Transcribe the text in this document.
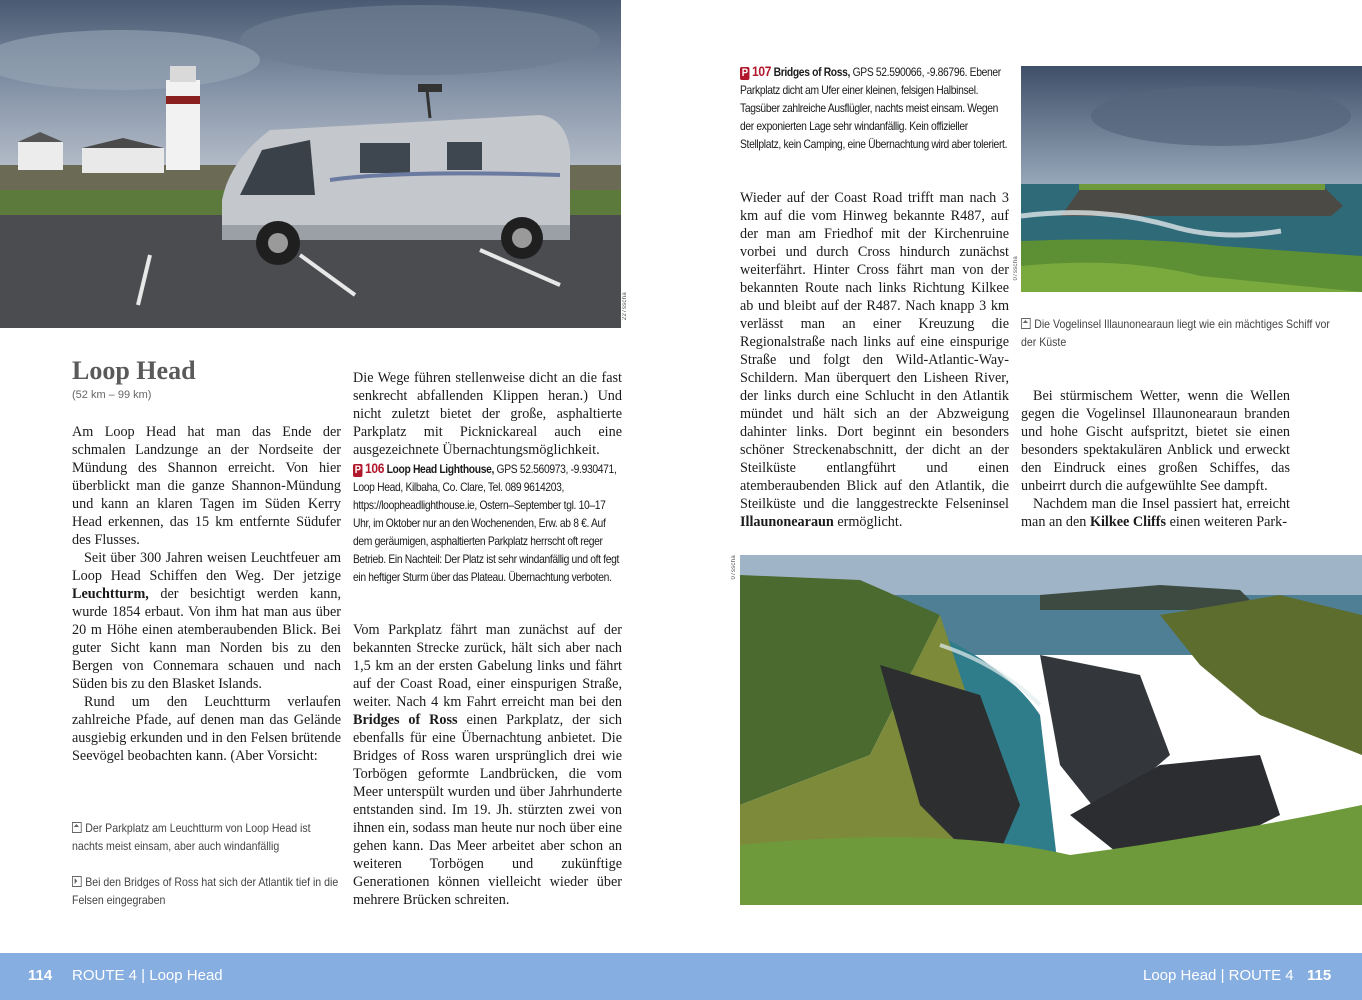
227sscha
Loop Head
(52 km – 99 km)

Am Loop Head hat man das Ende der schmalen Landzunge an der Nordseite der Mündung des Shannon erreicht. Von hier überblickt man die ganze Shannon-Mündung und kann an klaren Tagen im Süden Kerry Head erkennen, das 15 km entfernte Südufer des Flusses.

Seit über 300 Jahren weisen Leuchtfeuer am Loop Head Schiffen den Weg. Der jetzige Leuchtturm, der besichtigt werden kann, wurde 1854 erbaut. Von ihm hat man aus über 20 m Höhe einen atemberaubenden Blick. Bei guter Sicht kann man Norden bis zu den Bergen von Connemara schauen und nach Süden bis zu den Blasket Islands.

Rund um den Leuchtturm verlaufen zahlreiche Pfade, auf denen man das Gelände ausgiebig erkunden und in den Felsen brütende Seevögel beobachten kann. (Aber Vorsicht:

Der Parkplatz am Leuchtturm von Loop Head ist nachts meist einsam, aber auch windanfällig
Bei den Bridges of Ross hat sich der Atlantik tief in die Felsen eingegraben

Die Wege führen stellenweise dicht an die fast senkrecht abfallenden Klippen heran.) Und nicht zuletzt bietet der große, asphaltierte Parkplatz mit Picknickareal auch eine ausgezeichnete Übernachtungsmöglichkeit.

P 106 Loop Head Lighthouse, GPS 52.560973, -9.930471, Loop Head, Kilbaha, Co. Clare, Tel. 089 9614203, https://loopheadlighthouse.ie, Ostern–September tgl. 10–17 Uhr, im Oktober nur an den Wochenenden, Erw. ab 8 €. Auf dem geräumigen, asphaltierten Parkplatz herrscht oft reger Betrieb. Ein Nachteil: Der Platz ist sehr windanfällig und oft fegt ein heftiger Sturm über das Plateau. Übernachtung verboten.

Vom Parkplatz fährt man zunächst auf der bekannten Strecke zurück, hält sich aber nach 1,5 km an der ersten Gabelung links und fährt auf der Coast Road, einer einspurigen Straße, weiter. Nach 4 km Fahrt erreicht man bei den Bridges of Ross einen Parkplatz, der sich ebenfalls für eine Übernachtung anbietet. Die Bridges of Ross waren ursprünglich drei wie Torbögen geformte Landbrücken, die vom Meer unterspült wurden und über Jahrhunderte entstanden sind. Im 19. Jh. stürzten zwei von ihnen ein, sodass man heute nur noch über eine gehen kann. Das Meer arbeitet aber schon an weiteren Torbögen und zukünftige Generationen können vielleicht wieder über mehrere Brücken schreiten.

P 107 Bridges of Ross, GPS 52.590066, -9.86796. Ebener Parkplatz dicht am Ufer einer kleinen, felsigen Halbinsel. Tagsüber zahlreiche Ausflügler, nachts meist einsam. Wegen der exponierten Lage sehr windanfällig. Kein offizieller Stellplatz, kein Camping, eine Übernachtung wird aber toleriert.

Wieder auf der Coast Road trifft man nach 3 km auf die vom Hinweg bekannte R487, auf der man am Friedhof mit der Kirchenruine vorbei und durch Cross hindurch zunächst weiterfährt. Hinter Cross fährt man von der bekannten Route nach links Richtung Kilkee ab und bleibt auf der R487. Nach knapp 3 km verlässt man an einer Kreuzung die Regionalstraße nach links auf eine einspurige Straße und folgt den Wild-Atlantic-Way-Schildern. Man überquert den Lisheen River, der links durch eine Schlucht in den Atlantik mündet und hält sich an der Abzweigung dahinter links. Dort beginnt ein besonders schöner Streckenabschnitt, der dicht an der Steilküste entlangführt und einen atemberaubenden Blick auf den Atlantik, die Steilküste und die langgestreckte Felseninsel Illaunonearaun ermöglicht.

07sscha
Die Vogelinsel Illaunonearaun liegt wie ein mächtiges Schiff vor der Küste

Bei stürmischem Wetter, wenn die Wellen gegen die Vogelinsel Illaunonearaun branden und hohe Gischt aufspritzt, bietet sie einen besonders spektakulären Anblick und erweckt den Eindruck eines großen Schiffes, das unbeirrt durch die aufgewühlte See dampft.

Nachdem man die Insel passiert hat, erreicht man an den Kilkee Cliffs einen weiteren Park-

07sscha
114 ROUTE 4 | Loop Head	Loop Head | ROUTE 4 115
